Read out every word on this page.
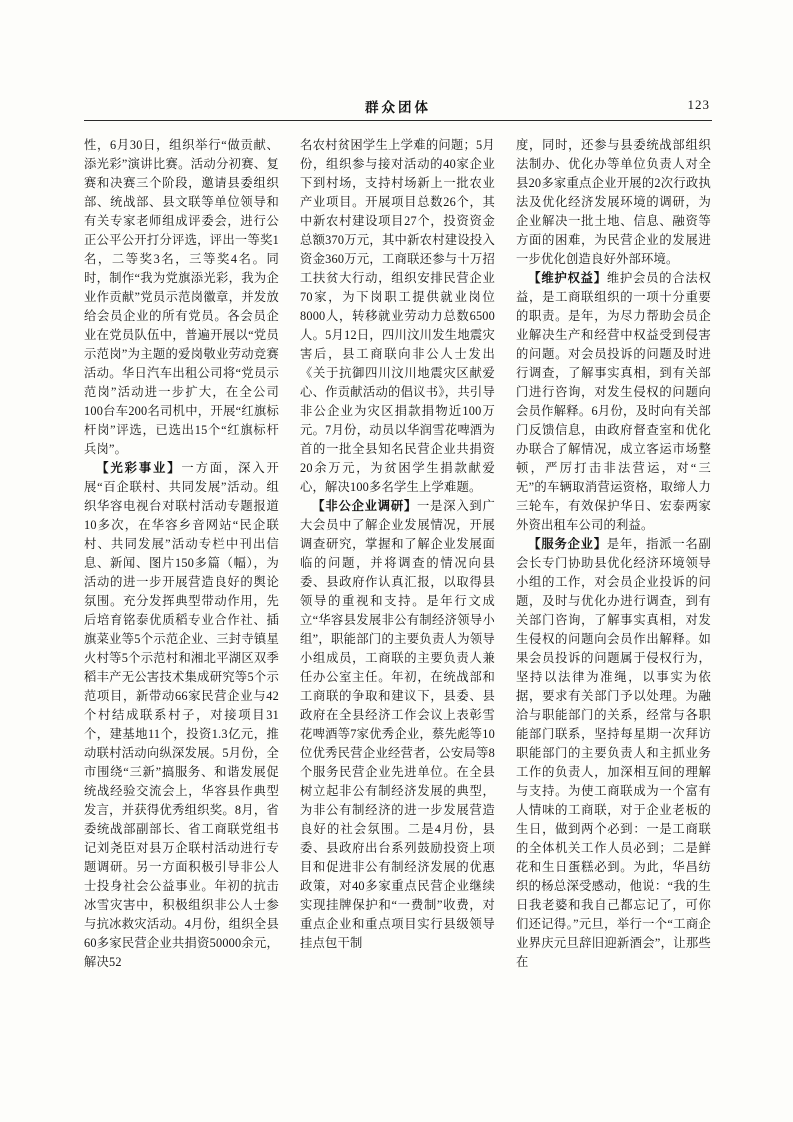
群众团体	123

性，6月30日，组织举行“做贡献、添光彩”演讲比赛。活动分初赛、复赛和决赛三个阶段，邀请县委组织部、统战部、县文联等单位领导和有关专家老师组成评委会，进行公正公平公开打分评选，评出一等奖1名，二等奖3名，三等奖4名。同时，制作“我为党旗添光彩，我为企业作贡献”党员示范岗徽章，并发放给会员企业的所有党员。各会员企业在党员队伍中，普遍开展以“党员示范岗”为主题的爱岗敬业劳动竞赛活动。华日汽车出租公司将“党员示范岗”活动进一步扩大，在全公司100台车200名司机中，开展“红旗标杆岗”评选，已选出15个“红旗标杆兵岗”。

【光彩事业】一方面，深入开展“百企联村、共同发展”活动。组织华容电视台对联村活动专题报道10多次，在华容乡音网站“民企联村、共同发展”活动专栏中刊出信息、新闻、图片150多篇（幅），为活动的进一步开展营造良好的舆论氛围。充分发挥典型带动作用，先后培育铭泰优质稻专业合作社、插旗菜业等5个示范企业、三封寺镇星火村等5个示范村和湘北平湖区双季稻丰产无公害技术集成研究等5个示范项目，新带动66家民营企业与42个村结成联系村子，对接项目31个，建基地11个，投资1.3亿元，推动联村活动向纵深发展。5月份，全市围绕“三新”搞服务、和谐发展促统战经验交流会上，华容县作典型发言，并获得优秀组织奖。8月，省委统战部副部长、省工商联党组书记刘尧臣对县万企联村活动进行专题调研。另一方面积极引导非公人士投身社会公益事业。年初的抗击冰雪灾害中，积极组织非公人士参与抗冰救灾活动。4月份，组织全县60多家民营企业共捐资50000余元，解决52

名农村贫困学生上学难的问题；5月份，组织参与接对活动的40家企业下到村场，支持村场新上一批农业产业项目。开展项目总数26个，其中新农村建设项目27个，投资资金总额370万元，其中新农村建设投入资金360万元，工商联还参与十万招工扶贫大行动，组织安排民营企业70家，为下岗职工提供就业岗位8000人，转移就业劳动力总数6500人。5月12日，四川汶川发生地震灾害后，县工商联向非公人士发出《关于抗御四川汶川地震灾区献爱心、作贡献活动的倡议书》，共引导非公企业为灾区捐款捐物近100万元。7月份，动员以华润雪花啤酒为首的一批全县知名民营企业共捐资20余万元，为贫困学生捐款献爱心，解决100多名学生上学难题。

【非公企业调研】一是深入到广大会员中了解企业发展情况，开展调查研究，掌握和了解企业发展面临的问题，并将调查的情况向县委、县政府作认真汇报，以取得县领导的重视和支持。是年行文成立“华容县发展非公有制经济领导小组”，职能部门的主要负责人为领导小组成员，工商联的主要负责人兼任办公室主任。年初，在统战部和工商联的争取和建议下，县委、县政府在全县经济工作会议上表彰雪花啤酒等7家优秀企业，蔡先彪等10位优秀民营企业经营者，公安局等8个服务民营企业先进单位。在全县树立起非公有制经济发展的典型，为非公有制经济的进一步发展营造良好的社会氛围。二是4月份，县委、县政府出台系列鼓励投资上项目和促进非公有制经济发展的优惠政策，对40多家重点民营企业继续实现挂牌保护和“一费制”收费，对重点企业和重点项目实行县级领导挂点包干制

度，同时，还参与县委统战部组织法制办、优化办等单位负责人对全县20多家重点企业开展的2次行政执法及优化经济发展环境的调研，为企业解决一批土地、信息、融资等方面的困难，为民营企业的发展进一步优化创造良好外部环境。

【维护权益】维护会员的合法权益，是工商联组织的一项十分重要的职责。是年，为尽力帮助会员企业解决生产和经营中权益受到侵害的问题。对会员投诉的问题及时进行调查，了解事实真相，到有关部门进行咨询，对发生侵权的问题向会员作解释。6月份，及时向有关部门反馈信息，由政府督查室和优化办联合了解情况，成立客运市场整顿，严厉打击非法营运，对“三无”的车辆取消营运资格，取缔人力三轮车，有效保护华日、宏泰两家外资出租车公司的利益。

【服务企业】是年，指派一名副会长专门协助县优化经济环境领导小组的工作，对会员企业投诉的问题，及时与优化办进行调查，到有关部门咨询，了解事实真相，对发生侵权的问题向会员作出解释。如果会员投诉的问题属于侵权行为，坚持以法律为准绳，以事实为依据，要求有关部门予以处理。为融洽与职能部门的关系，经常与各职能部门联系，坚持每星期一次拜访职能部门的主要负责人和主抓业务工作的负责人，加深相互间的理解与支持。为使工商联成为一个富有人情味的工商联，对于企业老板的生日，做到两个必到：一是工商联的全体机关工作人员必到；二是鲜花和生日蛋糕必到。为此，华昌纺织的杨总深受感动，他说：“我的生日我老婆和我自己都忘记了，可你们还记得。”元旦，举行一个“工商企业界庆元旦辞旧迎新酒会”，让那些在
